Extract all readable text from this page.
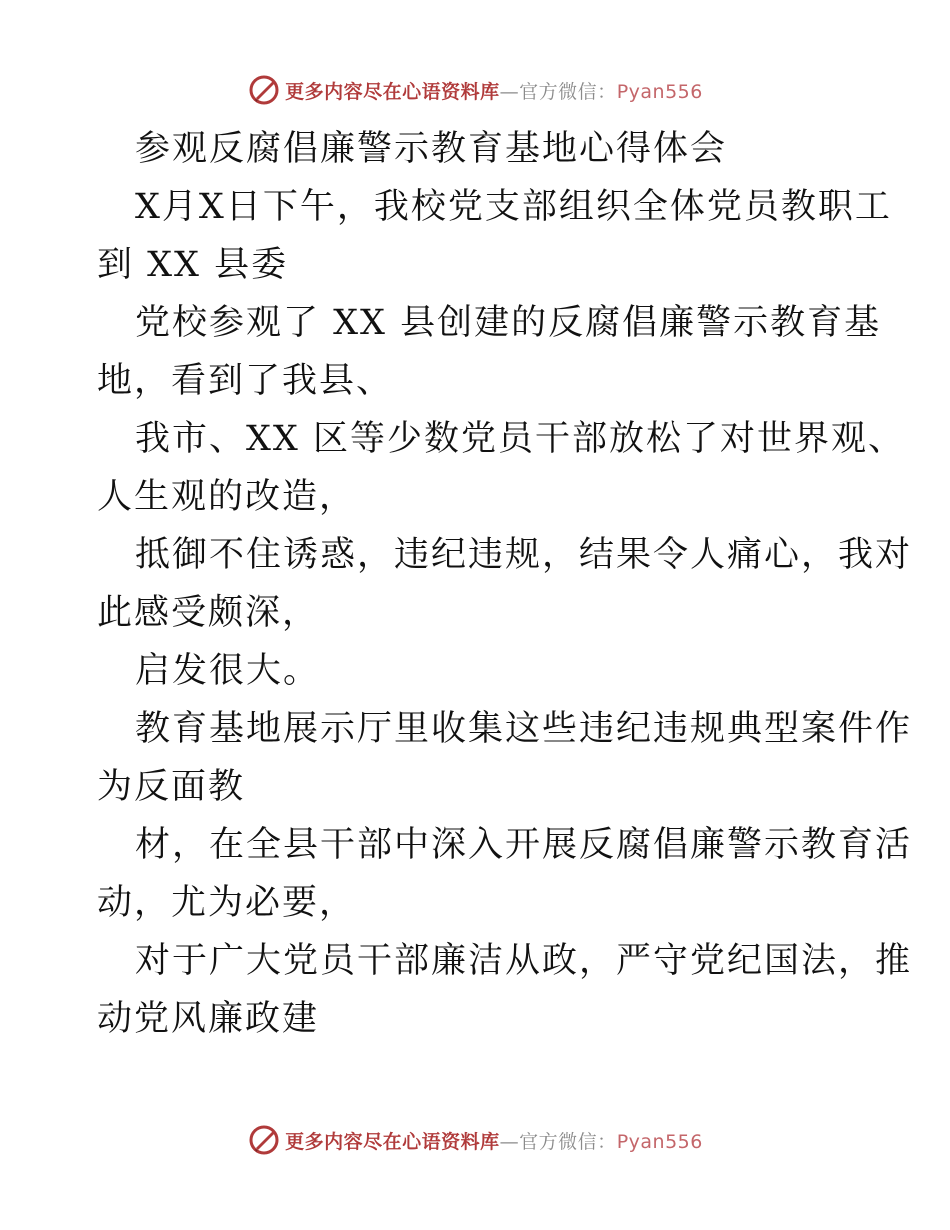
更多内容尽在心语资料库—官方微信：Pyan556
参观反腐倡廉警示教育基地心得体会
X月X日下午，我校党支部组织全体党员教职工
到 XX 县委
党校参观了 XX 县创建的反腐倡廉警示教育基
地，看到了我县、
我市、XX 区等少数党员干部放松了对世界观、
人生观的改造，
抵御不住诱惑，违纪违规，结果令人痛心，我对
此感受颇深，
启发很大。
教育基地展示厅里收集这些违纪违规典型案件作
为反面教
材，在全县干部中深入开展反腐倡廉警示教育活
动，尤为必要，
对于广大党员干部廉洁从政，严守党纪国法，推
动党风廉政建
更多内容尽在心语资料库—官方微信：Pyan556
